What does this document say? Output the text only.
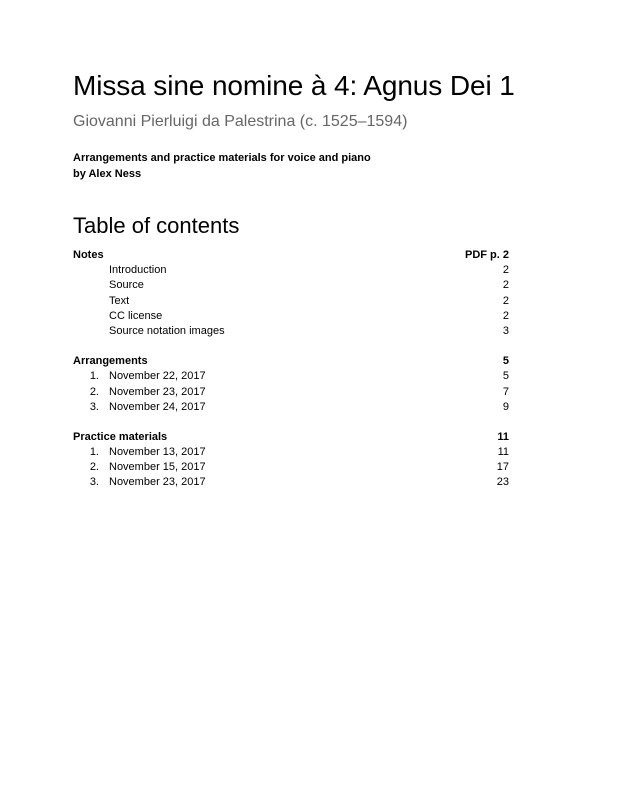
Missa sine nomine à 4: Agnus Dei 1
Giovanni Pierluigi da Palestrina (c. 1525–1594)
Arrangements and practice materials for voice and piano
by Alex Ness
Table of contents
Notes	PDF p. 2
Introduction	2
Source	2
Text	2
CC license	2
Source notation images	3
Arrangements	5
1. November 22, 2017	5
2. November 23, 2017	7
3. November 24, 2017	9
Practice materials	11
1. November 13, 2017	11
2. November 15, 2017	17
3. November 23, 2017	23
